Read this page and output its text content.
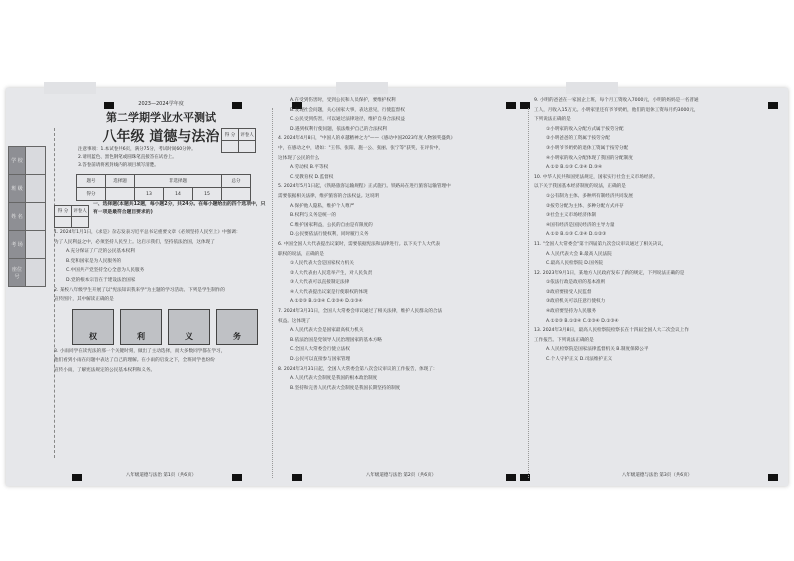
学 校	
班 级	
姓 名	
考 场	
座位号	
2023—2024学年度
第二学期学业水平测试
八年级 道德与法治	得 分	评卷人

注意事项：1.本试卷共6页，满分75分，考试时间60分钟。
2.请用蓝色、黑色钢笔或圆珠笔直接答在试卷上。
3.答卷前请将密封线内的项目填写清楚。
题号	选择题	非选择题			总分
得分		13	14	15	
得 分	评卷人

一、选择题(本题共12题，每小题2分，共24分。在每小题给出的四个选项中，只有一项是最符合题目要求的)
1. 2024年1月1日，《求是》杂志发表习近平总书记重要文章《必须坚持人民至上》中强调：
为了人民利益之中，必须坚持人民至上。这启示我们，坚持依法治国，这体现了
A.充分保证了广泛的公民基本权利
B.党和国家是为人民服务的
C.中国共产党坚持全心全意为人民服务
D.党的根本宗旨在于建设法治国家
2. 某校八年级学生开展了以"宪法知识我来学"为主题的学习活动。下列是学生制作的
宣传图片，其中解读正确的是
权	利	义	务
3. 小雨同学在读宪法的那一个关键时刻，做出了主动选择，而大多数同学都在学习，
他们看到小雨在问题中表达了自己的理解。在小雨的启发之下，全班同学也纷纷
宣传小雨，了解宪法规定的公民基本权利和义务。
A.在受到伤害时，受到公民和人员保护，要维护权利
B.发现社会问题，关心国家大事，表达意见，行使监督权
C.公民受到伤害，可以通过法律途径，维护自身合法权益
D.遇到权利行使问题，依法维护自己的合法权利
4. 2024年4月8日，"中国人的卓越精神之力"——《感动中国2023年度人物颁奖盛典》
中，在感动之中，诸如："王伟、张阳、施一公、张丽、张宁等"获奖，在评价中，
这体现了公民的什么
A.劳动权 B.平等权
C.受教育权 D.监督权
5. 2024年5月1日起，《铁路旅客运输规程》正式施行。铁路局在进行旅客运输管理中
需要依据相关法律，维护旅客的合法权益。这说明
A.保护他人隐私，维护个人尊严
B.权利与义务是统一的
C.维护国家利益，公民的自由是有限度的
D.公民要依法行使权利，同时履行义务
6. 中国全国人大代表提出议案时，需要依据宪法和法律进行。以下关于人大代表
职权的说法，正确的是
①人民代表大会是国家权力机关
②人大代表由人民选举产生，对人民负责
③人大代表可以直接制定法律
④人大代表提出议案是行使职权的体现
A.①②③ B.①②④ C.②③④ D.①③④
7. 2024年3月31日，全国人大常委会审议通过了相关法律，维护人民群众的合法
权益。这体现了
A.人民代表大会是国家最高权力机关
B.依法治国是党领导人民治理国家的基本方略
C.全国人大常委会行使立法权
D.公民可以直接参与国家管理
8. 2024年3月31日起，全国人大常委会第八次会议审议的工作报告，体现了：
A.人民代表大会制度是我国的根本政治制度
B.坚持和完善人民代表大会制度是我国长期坚持的制度
9. 小明的爸爸在一家国企上班，每个月工资收入7000元，小明的妈妈是一名普通
工人，月收入15万元。小明家里还有爷爷奶奶，他们的退休工资每月约3000元，
下列说法正确的是
①小明家的收入分配方式属于按劳分配
②小明爸爸的工资属于按劳分配
③小明爷爷奶奶的退休工资属于按劳分配
④小明家的收入分配体现了我国的分配制度
A.①② B.①③ C.②④ D.③④
10. 中华人民共和国宪法规定，国家实行社会主义市场经济。
以下关于我国基本经济制度的说法，正确的是
①公有制为主体、多种所有制经济共同发展
②按劳分配为主体、多种分配方式并存
③社会主义市场经济体制
④国有经济是国民经济的主导力量
A.①② B.①③ C.②④ D.①②③
11. "全国人大常委会"第十四届第九次会议审议通过了相关决议，
A.人民代表大会 B.最高人民法院
C.最高人民检察院 D.国务院
12. 2023年9月1日，某地方人民政府发布了新的规定，下列说法正确的是
①依法行政是政府的基本准则
②政府要接受人民监督
③政府机关可以任意行使权力
④政府要坚持为人民服务
A.①②③ B.①②④ C.②③④ D.①③④
13. 2024年3月8日，最高人民检察院检察长在十四届全国人大二次会议上作
工作报告。下列说法正确的是
A.人民检察院是国家法律监督机关 B.制度保障公平
C.个人守护正义 D.司法维护正义
八年级道德与法治 第1页（共6页）	八年级道德与法治 第2页（共6页）	八年级道德与法治 第3页（共6页）
